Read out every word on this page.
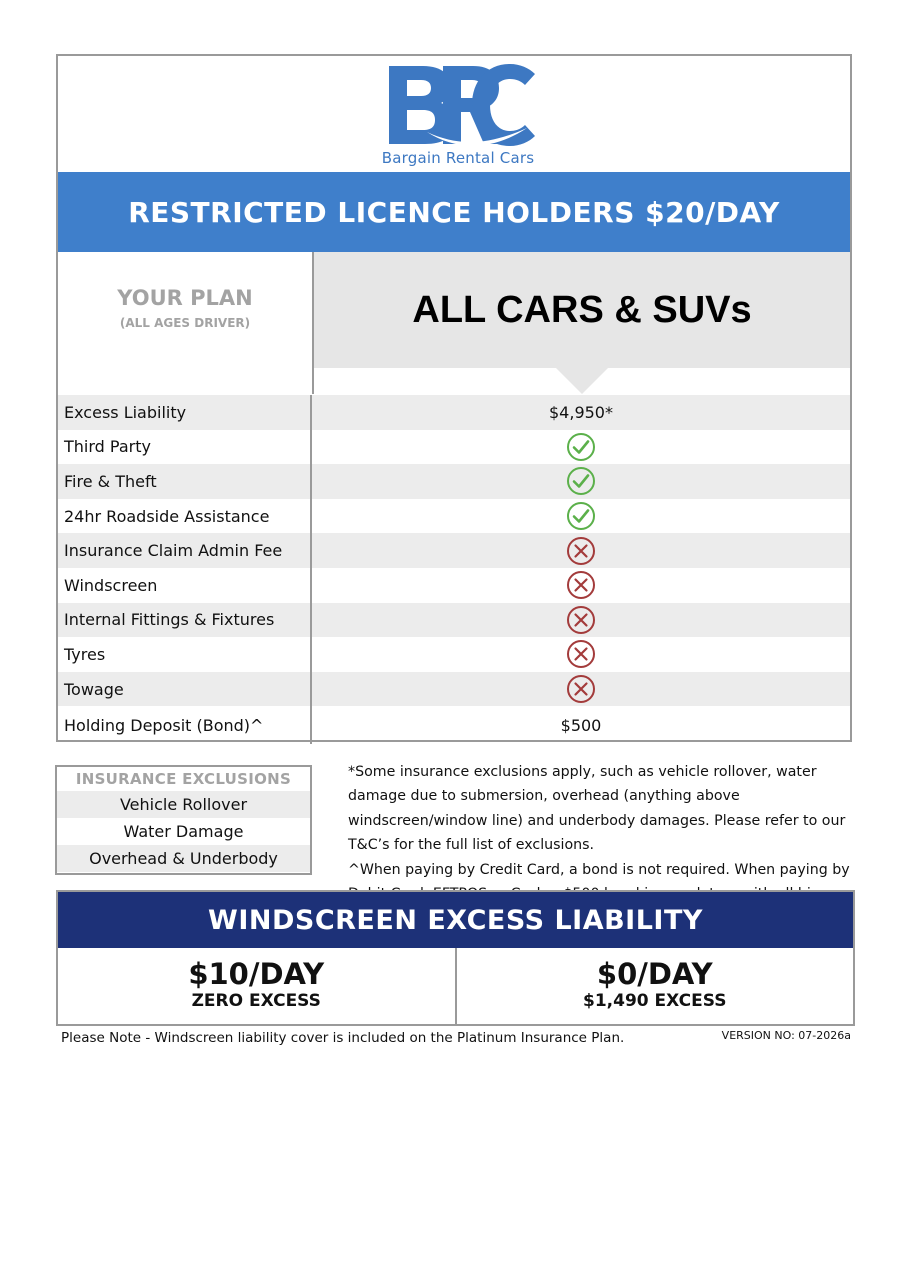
Bargain Rental Cars
RESTRICTED LICENCE HOLDERS $20/DAY
YOUR PLAN
(ALL AGES DRIVER)	ALL CARS & SUVs
Excess Liability	$4,950*
Third Party
Fire & Theft
24hr Roadside Assistance
Insurance Claim Admin Fee
Windscreen
Internal Fittings & Fixtures
Tyres
Towage
Holding Deposit (Bond)^	$500
INSURANCE EXCLUSIONS
Vehicle Rollover
Water Damage
Overhead & Underbody

*Some insurance exclusions apply, such as vehicle rollover, water damage due to submersion, overhead (anything above windscreen/window line) and underbody damages. Please refer to our T&C’s for the full list of exclusions.

^When paying by Credit Card, a bond is not required. When paying by

WINDSCREEN EXCESS LIABILITY
$10/DAY
ZERO EXCESS
$0/DAY
$1,490 EXCESS
Please Note - Windscreen liability cover is included on the Platinum Insurance Plan.	VERSION NO: 07-2026a
